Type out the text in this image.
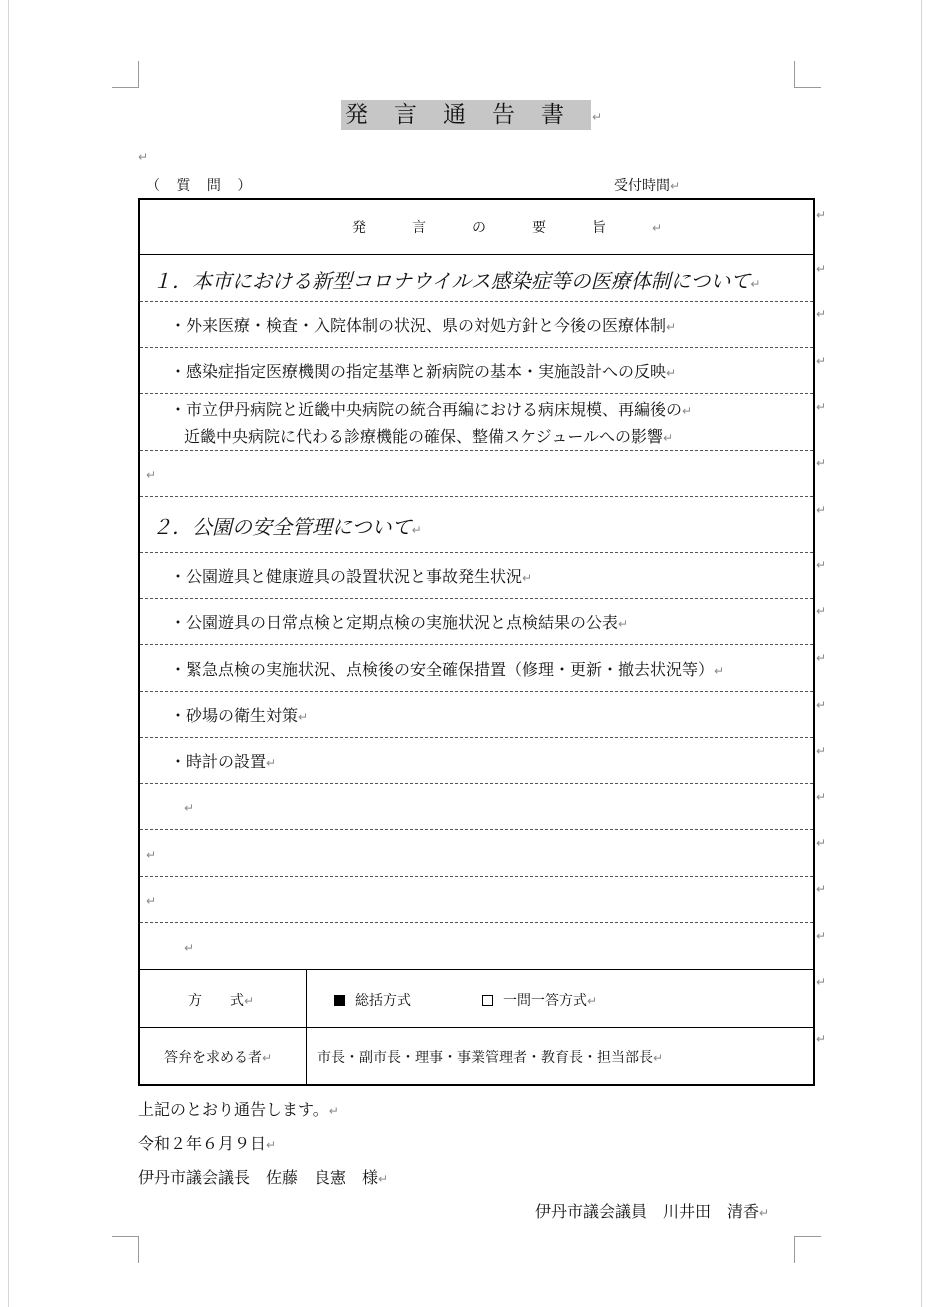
発言通告書 ↵
↵
（ 質 問 ）	受付時間↵
発言の要旨↵
１．本市における新型コロナウイルス感染症等の医療体制について↵
・外来医療・検査・入院体制の状況、県の対処方針と今後の医療体制↵
・感染症指定医療機関の指定基準と新病院の基本・実施設計への反映↵
・市立伊丹病院と近畿中央病院の統合再編における病床規模、再編後の↵
近畿中央病院に代わる診療機能の確保、整備スケジュールへの影響↵
↵
２．公園の安全管理について↵
・公園遊具と健康遊具の設置状況と事故発生状況↵
・公園遊具の日常点検と定期点検の実施状況と点検結果の公表↵
・緊急点検の実施状況、点検後の安全確保措置（修理・更新・撤去状況等）↵
・砂場の衛生対策↵
・時計の設置↵
↵
↵
↵
↵
方　　式↵	総括方式	一問一答方式↵
答弁を求める者↵	市長・副市長・理事・事業管理者・教育長・担当部長↵
↵
↵
↵
↵
↵
↵
↵
↵
↵
↵
↵
↵
↵
↵
↵
↵
↵
↵
上記のとおり通告します。↵
令和２年６月９日↵
伊丹市議会議長　佐藤　良憲　様↵
伊丹市議会議員　川井田　清香↵
